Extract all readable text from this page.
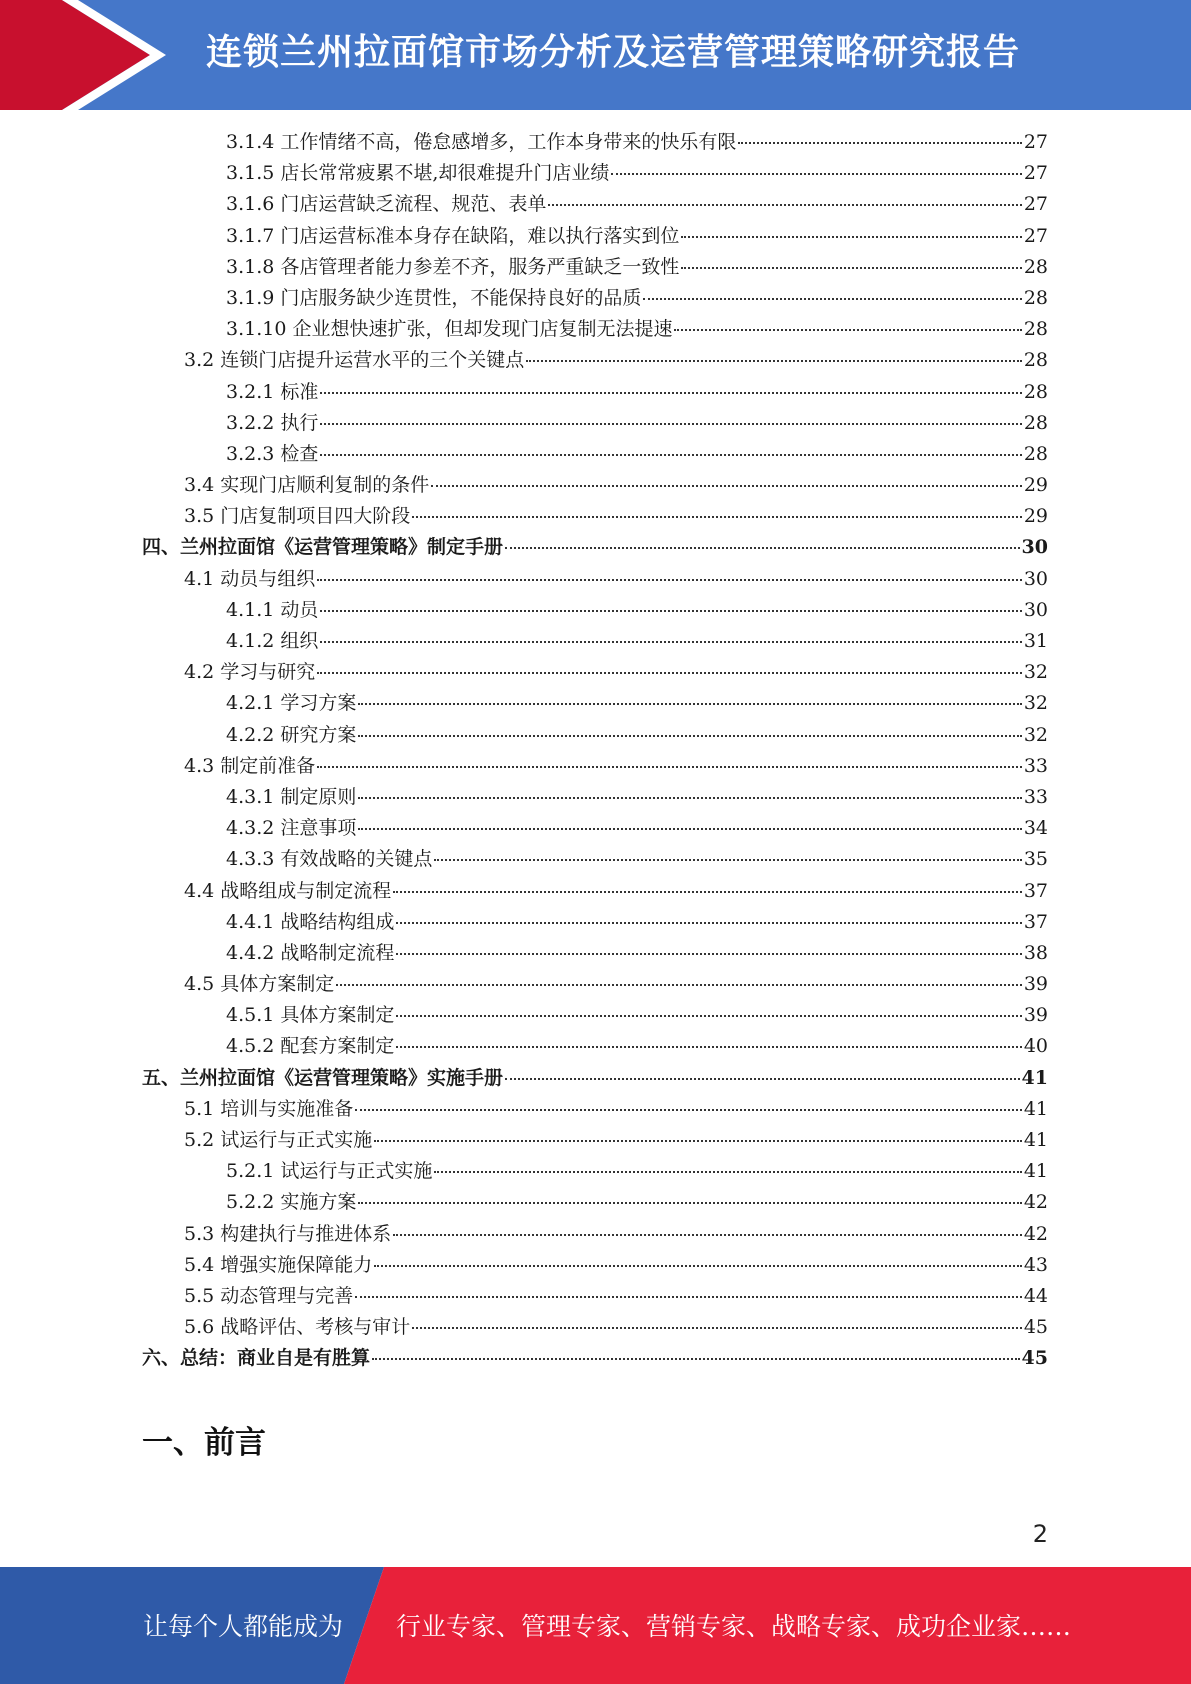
连锁兰州拉面馆市场分析及运营管理策略研究报告
3.1.4 工作情绪不高，倦怠感增多，工作本身带来的快乐有限	27
3.1.5 店长常常疲累不堪,却很难提升门店业绩	27
3.1.6 门店运营缺乏流程、规范、表单	27
3.1.7 门店运营标准本身存在缺陷，难以执行落实到位	27
3.1.8 各店管理者能力参差不齐，服务严重缺乏一致性	28
3.1.9 门店服务缺少连贯性，不能保持良好的品质	28
3.1.10 企业想快速扩张，但却发现门店复制无法提速	28
3.2 连锁门店提升运营水平的三个关键点	28
3.2.1 标准	28
3.2.2 执行	28
3.2.3 检查	28
3.4 实现门店顺利复制的条件	29
3.5 门店复制项目四大阶段	29
四、兰州拉面馆《运营管理策略》制定手册	30
4.1 动员与组织	30
4.1.1 动员	30
4.1.2 组织	31
4.2 学习与研究	32
4.2.1 学习方案	32
4.2.2 研究方案	32
4.3 制定前准备	33
4.3.1 制定原则	33
4.3.2 注意事项	34
4.3.3 有效战略的关键点	35
4.4 战略组成与制定流程	37
4.4.1 战略结构组成	37
4.4.2 战略制定流程	38
4.5 具体方案制定	39
4.5.1 具体方案制定	39
4.5.2 配套方案制定	40
五、兰州拉面馆《运营管理策略》实施手册	41
5.1 培训与实施准备	41
5.2 试运行与正式实施	41
5.2.1 试运行与正式实施	41
5.2.2 实施方案	42
5.3 构建执行与推进体系	42
5.4 增强实施保障能力	43
5.5 动态管理与完善	44
5.6 战略评估、考核与审计	45
六、总结：商业自是有胜算	45
一、前言
2
让每个人都能成为 行业专家、管理专家、营销专家、战略专家、成功企业家……
